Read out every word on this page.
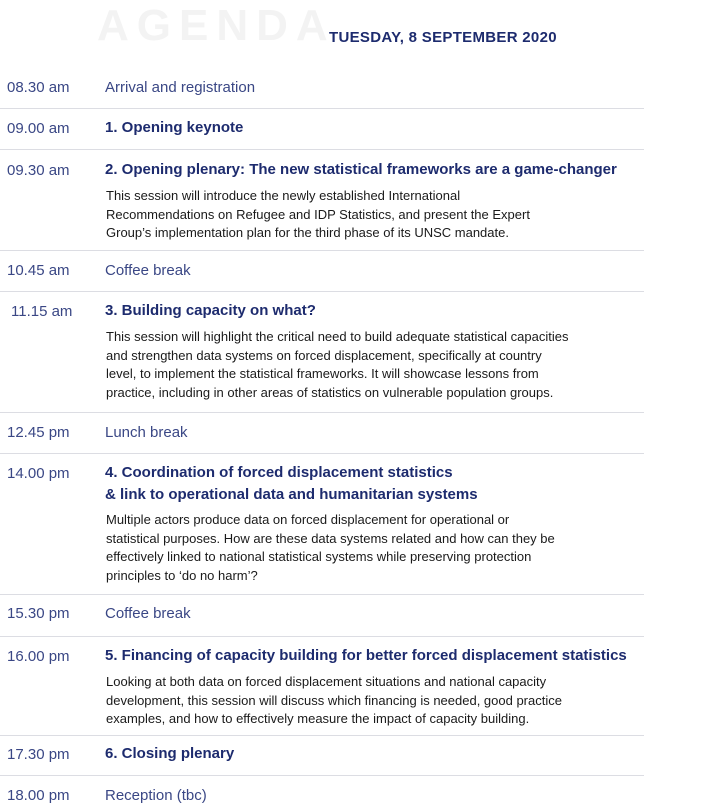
AGENDA
TUESDAY, 8 SEPTEMBER 2020
08.30 am Arrival and registration
09.00 am 1. Opening keynote
09.30 am 2. Opening plenary: The new statistical frameworks are a game-changer
This session will introduce the newly established International
Recommendations on Refugee and IDP Statistics, and present the Expert
Group’s implementation plan for the third phase of its UNSC mandate.
10.45 am Coffee break
11.15 am 3. Building capacity on what?
This session will highlight the critical need to build adequate statistical capacities
and strengthen data systems on forced displacement, specifically at country
level, to implement the statistical frameworks. It will showcase lessons from
practice, including in other areas of statistics on vulnerable population groups.
12.45 pm Lunch break
14.00 pm 4. Coordination of forced displacement statistics
& link to operational data and humanitarian systems
Multiple actors produce data on forced displacement for operational or
statistical purposes. How are these data systems related and how can they be
effectively linked to national statistical systems while preserving protection
principles to ‘do no harm’?
15.30 pm Coffee break
16.00 pm 5. Financing of capacity building for better forced displacement statistics
Looking at both data on forced displacement situations and national capacity
development, this session will discuss which financing is needed, good practice
examples, and how to effectively measure the impact of capacity building.
17.30 pm 6. Closing plenary
18.00 pm Reception (tbc)
